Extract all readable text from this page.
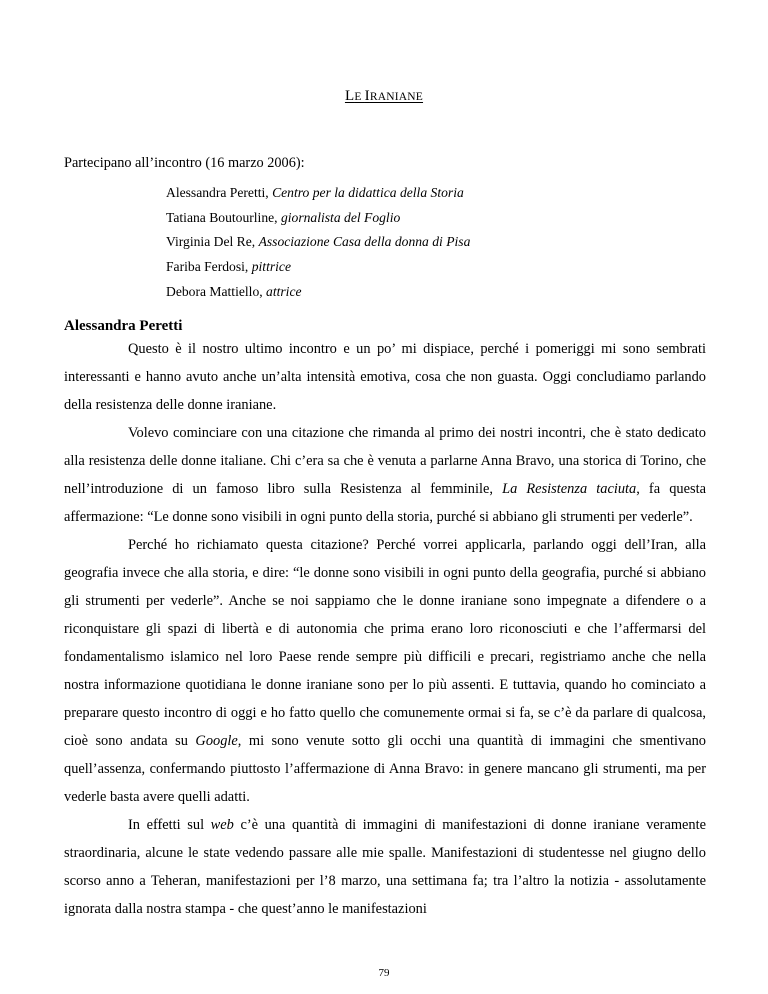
LE IRANIANE
Partecipano all’incontro (16 marzo 2006):
Alessandra Peretti, Centro per la didattica della Storia
Tatiana Boutourline, giornalista del Foglio
Virginia Del Re, Associazione Casa della donna di Pisa
Fariba Ferdosi, pittrice
Debora Mattiello, attrice
Alessandra Peretti

Questo è il nostro ultimo incontro e un po’ mi dispiace, perché i pomeriggi mi sono sembrati interessanti e hanno avuto anche un’alta intensità emotiva, cosa che non guasta. Oggi concludiamo parlando della resistenza delle donne iraniane.

Volevo cominciare con una citazione che rimanda al primo dei nostri incontri, che è stato dedicato alla resistenza delle donne italiane. Chi c’era sa che è venuta a parlarne Anna Bravo, una storica di Torino, che nell’introduzione di un famoso libro sulla Resistenza al femminile, La Resistenza taciuta, fa questa affermazione: “Le donne sono visibili in ogni punto della storia, purché si abbiano gli strumenti per vederle”.

Perché ho richiamato questa citazione? Perché vorrei applicarla, parlando oggi dell’Iran, alla geografia invece che alla storia, e dire: “le donne sono visibili in ogni punto della geografia, purché si abbiano gli strumenti per vederle”. Anche se noi sappiamo che le donne iraniane sono impegnate a difendere o a riconquistare gli spazi di libertà e di autonomia che prima erano loro riconosciuti e che l’affermarsi del fondamentalismo islamico nel loro Paese rende sempre più difficili e precari, registriamo anche che nella nostra informazione quotidiana le donne iraniane sono per lo più assenti. E tuttavia, quando ho cominciato a preparare questo incontro di oggi e ho fatto quello che comunemente ormai si fa, se c’è da parlare di qualcosa, cioè sono andata su Google, mi sono venute sotto gli occhi una quantità di immagini che smentivano quell’assenza, confermando piuttosto l’affermazione di Anna Bravo: in genere mancano gli strumenti, ma per vederle basta avere quelli adatti.

In effetti sul web c’è una quantità di immagini di manifestazioni di donne iraniane veramente straordinaria, alcune le state vedendo passare alle mie spalle. Manifestazioni di studentesse nel giugno dello scorso anno a Teheran, manifestazioni per l’8 marzo, una settimana fa; tra l’altro la notizia - assolutamente ignorata dalla nostra stampa - che quest’anno le manifestazioni

79
